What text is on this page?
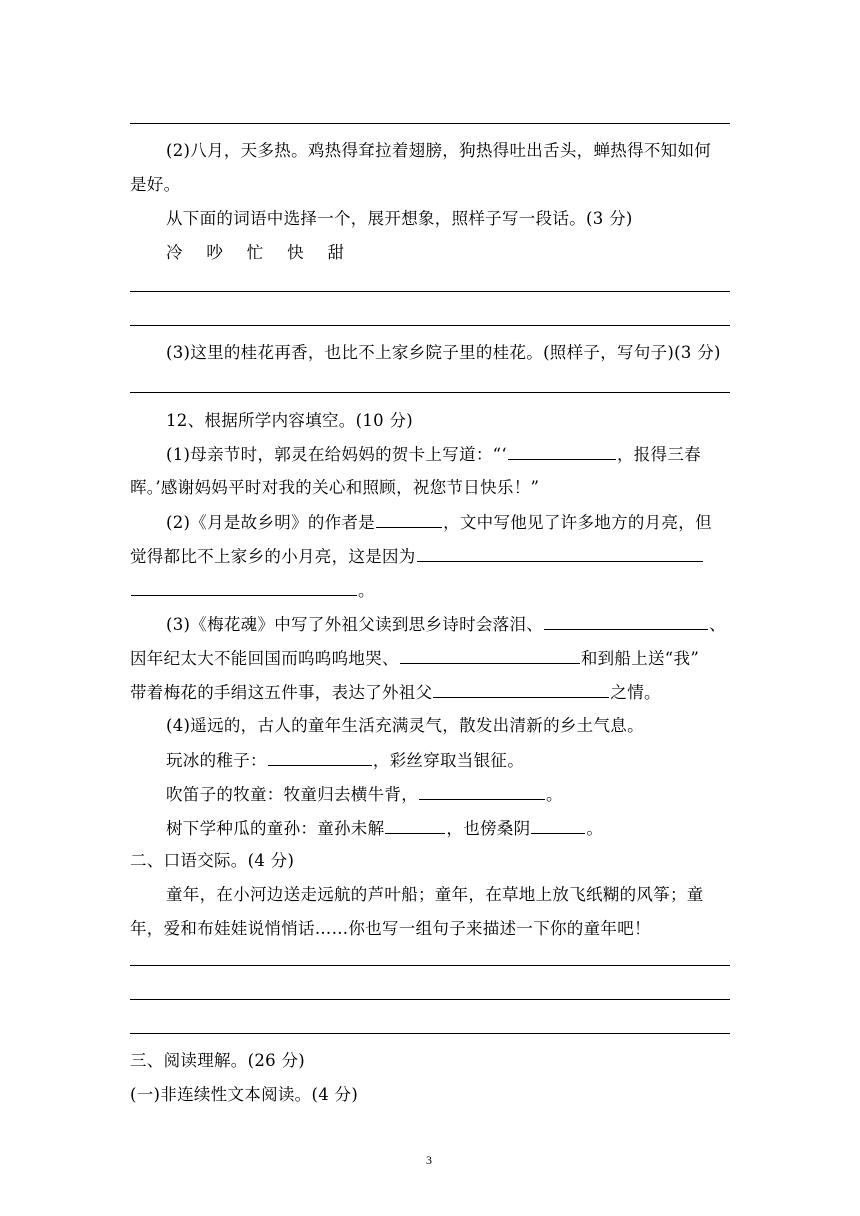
(2)八月，天多热。鸡热得耷拉着翅膀，狗热得吐出舌头，蝉热得不知如何
是好。
从下面的词语中选择一个，展开想象，照样子写一段话。(3 分)
冷 吵 忙 快 甜
(3)这里的桂花再香，也比不上家乡院子里的桂花。(照样子，写句子)(3 分)
12、根据所学内容填空。(10 分)
(1)母亲节时，郭灵在给妈妈的贺卡上写道：“‘	，报得三春
晖。’感谢妈妈平时对我的关心和照顾，祝您节日快乐！”
(2)《月是故乡明》的作者是	，文中写他见了许多地方的月亮，但
觉得都比不上家乡的小月亮，这是因为
。
(3)《梅花魂》中写了外祖父读到思乡诗时会落泪、	、
因年纪太大不能回国而呜呜呜地哭、	和到船上送“我”
带着梅花的手绢这五件事，表达了外祖父	之情。
(4)遥远的，古人的童年生活充满灵气，散发出清新的乡土气息。
玩冰的稚子：	，彩丝穿取当银征。
吹笛子的牧童：牧童归去横牛背，	。
树下学种瓜的童孙：童孙未解	，也傍桑阴	。
二、口语交际。(4 分)
童年，在小河边送走远航的芦叶船；童年，在草地上放飞纸糊的风筝；童
年，爱和布娃娃说悄悄话……你也写一组句子来描述一下你的童年吧！
三、阅读理解。(26 分)
(一)非连续性文本阅读。(4 分)
3
